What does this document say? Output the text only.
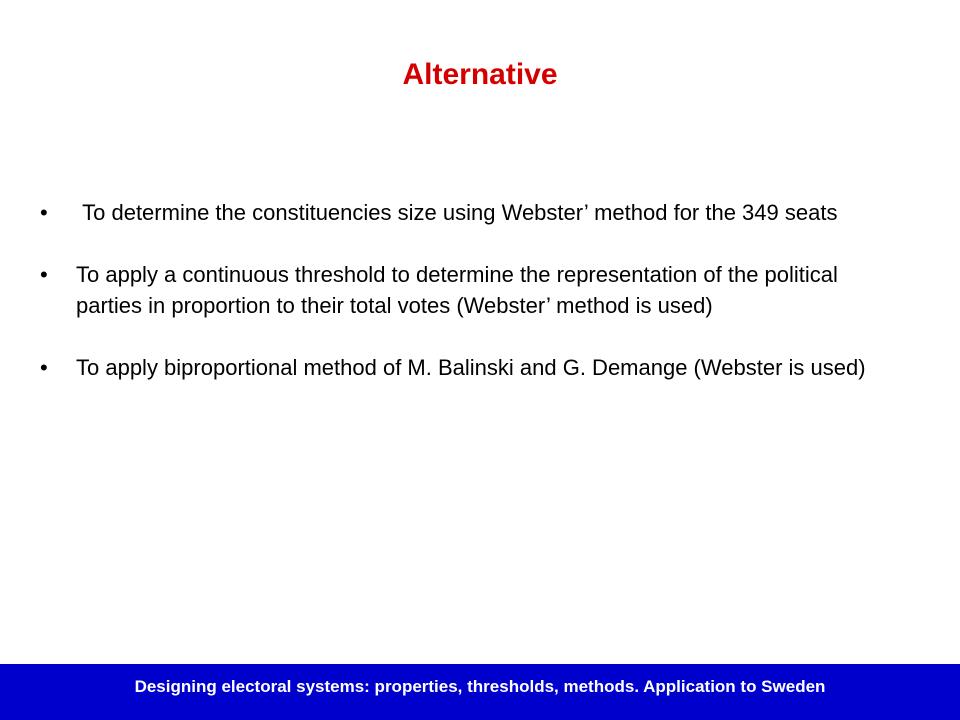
Alternative
•	To determine the constituencies size using Webster’ method for the 349 seats
•	To apply a continuous threshold to determine the representation of the political parties in proportion to their total votes (Webster’ method is used)
•	To apply biproportional method of M. Balinski and G. Demange (Webster is used)
Designing electoral systems: properties, thresholds, methods. Application to Sweden
